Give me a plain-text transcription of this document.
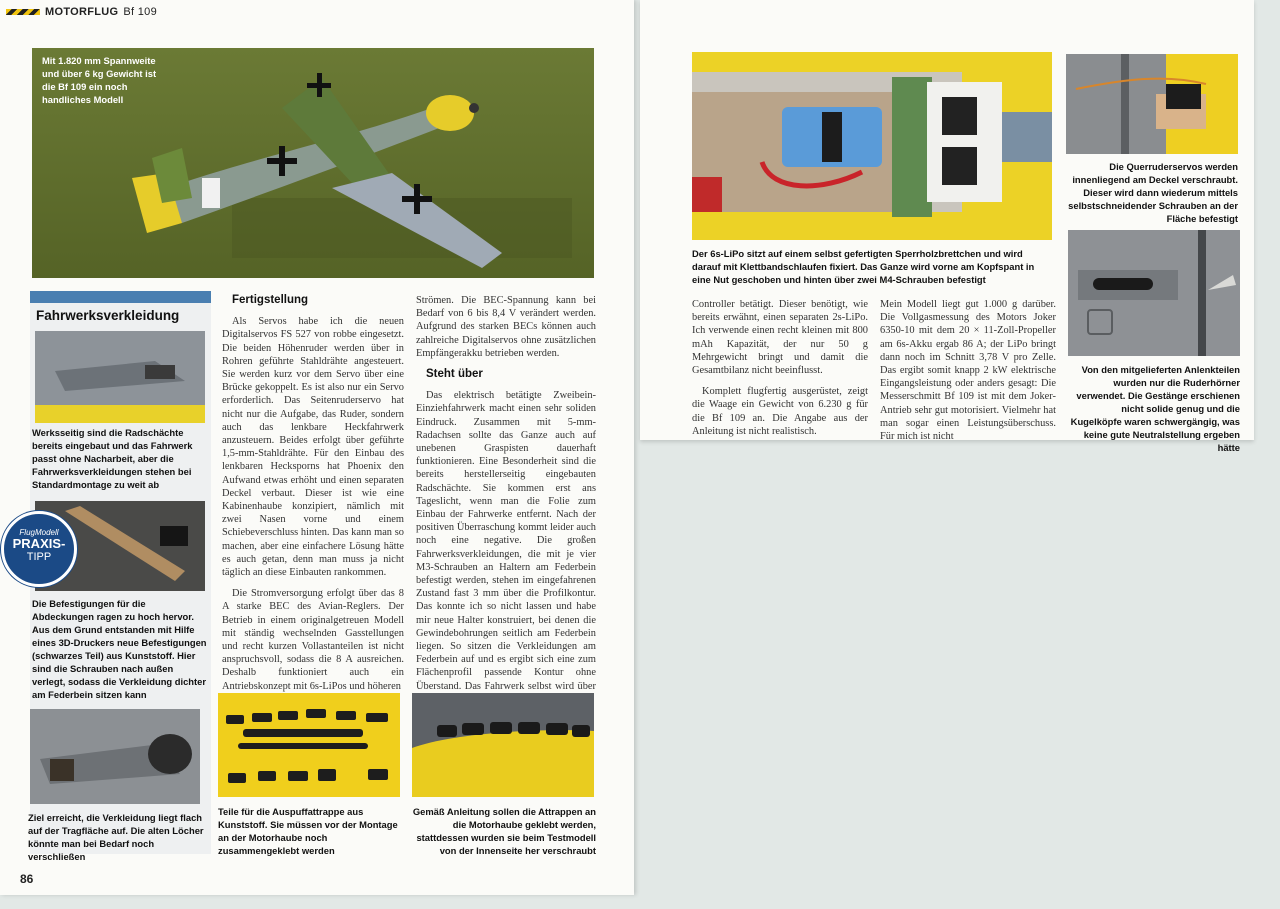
MOTORFLUG Bf 109
Mit 1.820 mm Spannweite und über 6 kg Gewicht ist die Bf 109 ein noch handliches Modell
Fahrwerksverkleidung
Werksseitig sind die Radschächte bereits eingebaut und das Fahrwerk passt ohne Nacharbeit, aber die Fahrwerksverkleidungen stehen bei Standardmontage zu weit ab
Die Befestigungen für die Abdeckungen ragen zu hoch hervor. Aus dem Grund entstanden mit Hilfe eines 3D-Druckers neue Befestigungen (schwarzes Teil) aus Kunststoff. Hier sind die Schrauben nach außen verlegt, sodass die Verkleidung dichter am Federbein sitzen kann
Ziel erreicht, die Verkleidung liegt flach auf der Tragfläche auf. Die alten Löcher könnte man bei Bedarf noch verschließen
FlugModell
PRAXIS-
TIPP

Fertigstellung

Als Servos habe ich die neuen Digitalservos FS 527 von robbe eingesetzt. Die beiden Höhenruder werden über in Rohren geführte Stahldrähte angesteuert. Sie werden kurz vor dem Servo über eine Brücke gekoppelt. Es ist also nur ein Servo erforderlich. Das Seitenruderservo hat nicht nur die Aufgabe, das Ruder, sondern auch das lenkbare Heckfahrwerk anzusteuern. Beides erfolgt über geführte 1,5-mm-Stahldrähte. Für den Einbau des lenkbaren Hecksporns hat Phoenix den Aufwand etwas erhöht und einen separaten Deckel verbaut. Dieser ist wie eine Kabinenhaube konzipiert, nämlich mit zwei Nasen vorne und einem Schiebeverschluss hinten. Das kann man so machen, aber eine einfachere Lösung hätte es auch getan, denn man muss ja nicht täglich an diese Einbauten rankommen.

Die Stromversorgung erfolgt über das 8 A starke BEC des Avian-Reglers. Der Betrieb in einem originalgetreuen Modell mit ständig wechselnden Gasstellungen und recht kurzen Vollastanteilen ist nicht anspruchsvoll, sodass die 8 A ausreichen. Deshalb funktioniert auch ein Antriebskonzept mit 6s-LiPos und höheren

Strömen. Die BEC-Spannung kann bei Bedarf von 6 bis 8,4 V verändert werden. Aufgrund des starken BECs können auch zahlreiche Digitalservos ohne zusätzlichen Empfängerakku betrieben werden.

Steht über

Das elektrisch betätigte Zweibein-Einziehfahrwerk macht einen sehr soliden Eindruck. Zusammen mit 5-mm-Radachsen sollte das Ganze auch auf unebenen Graspisten dauerhaft funktionieren. Eine Besonderheit sind die bereits herstellerseitig eingebauten Radschächte. Sie kommen erst ans Tageslicht, wenn man die Folie zum Einbau der Fahrwerke entfernt. Nach der positiven Überraschung kommt leider auch noch eine negative. Die großen Fahrwerksverkleidungen, die mit je vier M3-Schrauben an Haltern am Federbein befestigt werden, stehen im eingefahrenen Zustand fast 3 mm über die Profilkontur. Das konnte ich so nicht lassen und habe mir neue Halter konstruiert, bei denen die Gewindebohrungen seitlich am Federbein liegen. So sitzen die Verkleidungen am Federbein auf und es ergibt sich eine zum Flächenprofil passende Kontur ohne Überstand. Das Fahrwerk selbst wird über

Teile für die Auspuffattrappe aus Kunststoff. Sie müssen vor der Montage an der Motorhaube noch zusammengeklebt werden
Gemäß Anleitung sollen die Attrappen an die Motorhaube geklebt werden, stattdessen wurden sie beim Testmodell von der Innenseite her verschraubt
86
Der 6s-LiPo sitzt auf einem selbst gefertigten Sperrholzbrettchen und wird darauf mit Klettbandschlaufen fixiert. Das Ganze wird vorne am Kopfspant in eine Nut geschoben und hinten über zwei M4-Schrauben befestigt
Die Querruderservos werden innenliegend am Deckel verschraubt. Dieser wird dann wiederum mittels selbstschneidender Schrauben an der Fläche befestigt
Von den mitgelieferten Anlenkteilen wurden nur die Ruderhörner verwendet. Die Gestänge erschienen nicht solide genug und die Kugelköpfe waren schwergängig, was keine gute Neutralstellung ergeben hätte

Controller betätigt. Dieser benötigt, wie bereits erwähnt, einen separaten 2s-LiPo. Ich verwende einen recht kleinen mit 800 mAh Kapazität, der nur 50 g Mehrgewicht bringt und damit die Gesamtbilanz nicht beeinflusst.

Komplett flugfertig ausgerüstet, zeigt die Waage ein Gewicht von 6.230 g für die Bf 109 an. Die Angabe aus der Anleitung ist nicht realistisch.

Mein Modell liegt gut 1.000 g darüber. Die Vollgasmessung des Motors Joker 6350-10 mit dem 20 × 11-Zoll-Propeller am 6s-Akku ergab 86 A; der LiPo bringt dann noch im Schnitt 3,78 V pro Zelle. Das ergibt somit knapp 2 kW elektrische Eingangsleistung oder anders gesagt: Die Messerschmitt Bf 109 ist mit dem Joker-Antrieb sehr gut motorisiert. Vielmehr hat man sogar einen Leistungsüberschuss. Für mich ist nicht
